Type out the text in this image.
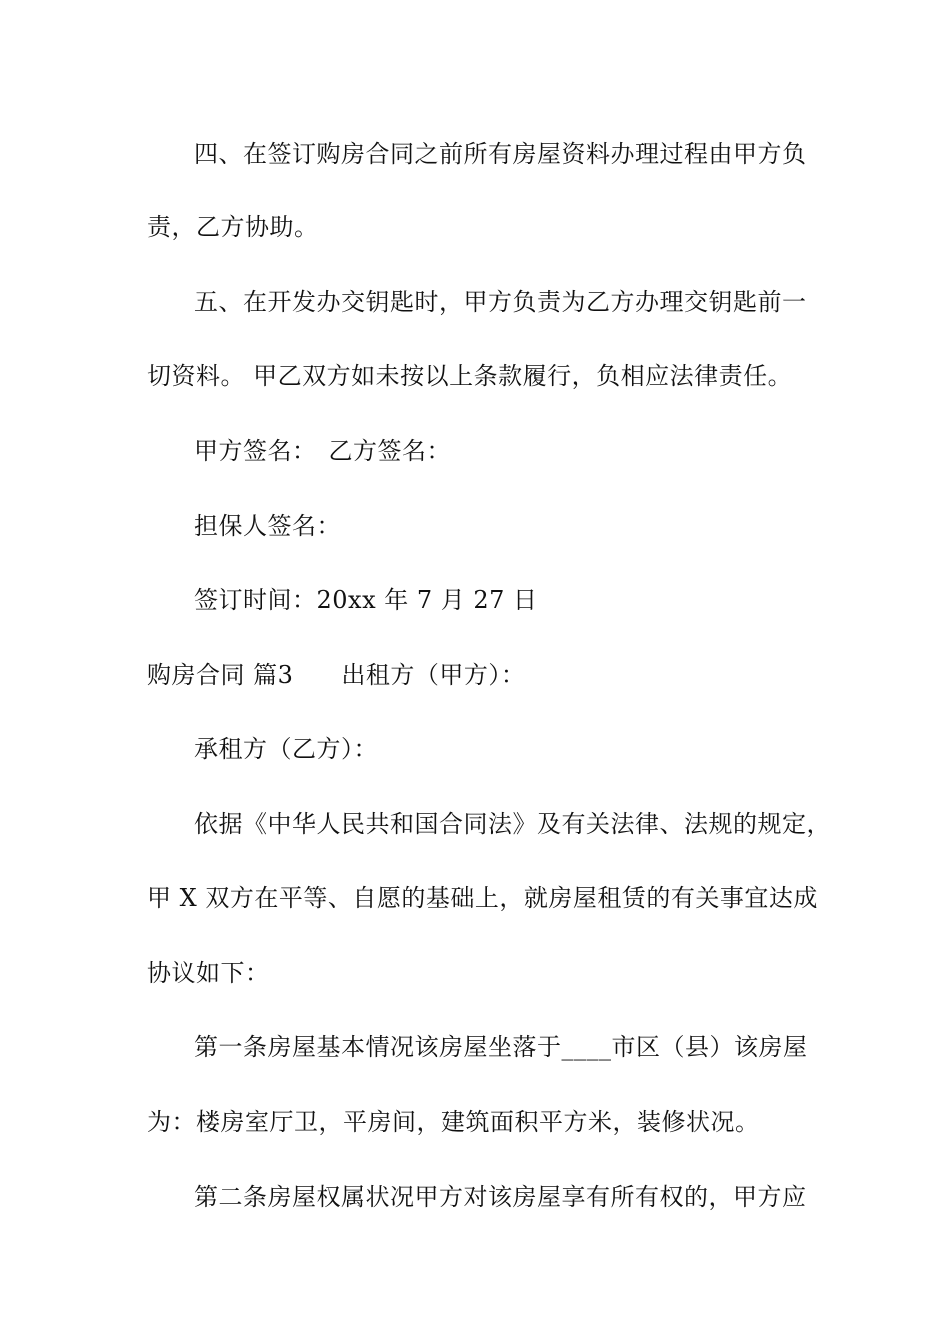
四、在签订购房合同之前所有房屋资料办理过程由甲方负
责，乙方协助。
五、在开发办交钥匙时，甲方负责为乙方办理交钥匙前一
切资料。 甲乙双方如未按以上条款履行，负相应法律责任。
甲方签名： 乙方签名：
担保人签名：
签订时间：20xx 年 7 月 27 日
购房合同 篇3 出租方（甲方）：
承租方（乙方）：
依据《中华人民共和国合同法》及有关法律、法规的规定，
甲 X 双方在平等、自愿的基础上，就房屋租赁的有关事宜达成
协议如下：
第一条房屋基本情况该房屋坐落于____市区（县）该房屋
为：楼房室厅卫，平房间，建筑面积平方米，装修状况。
第二条房屋权属状况甲方对该房屋享有所有权的，甲方应
